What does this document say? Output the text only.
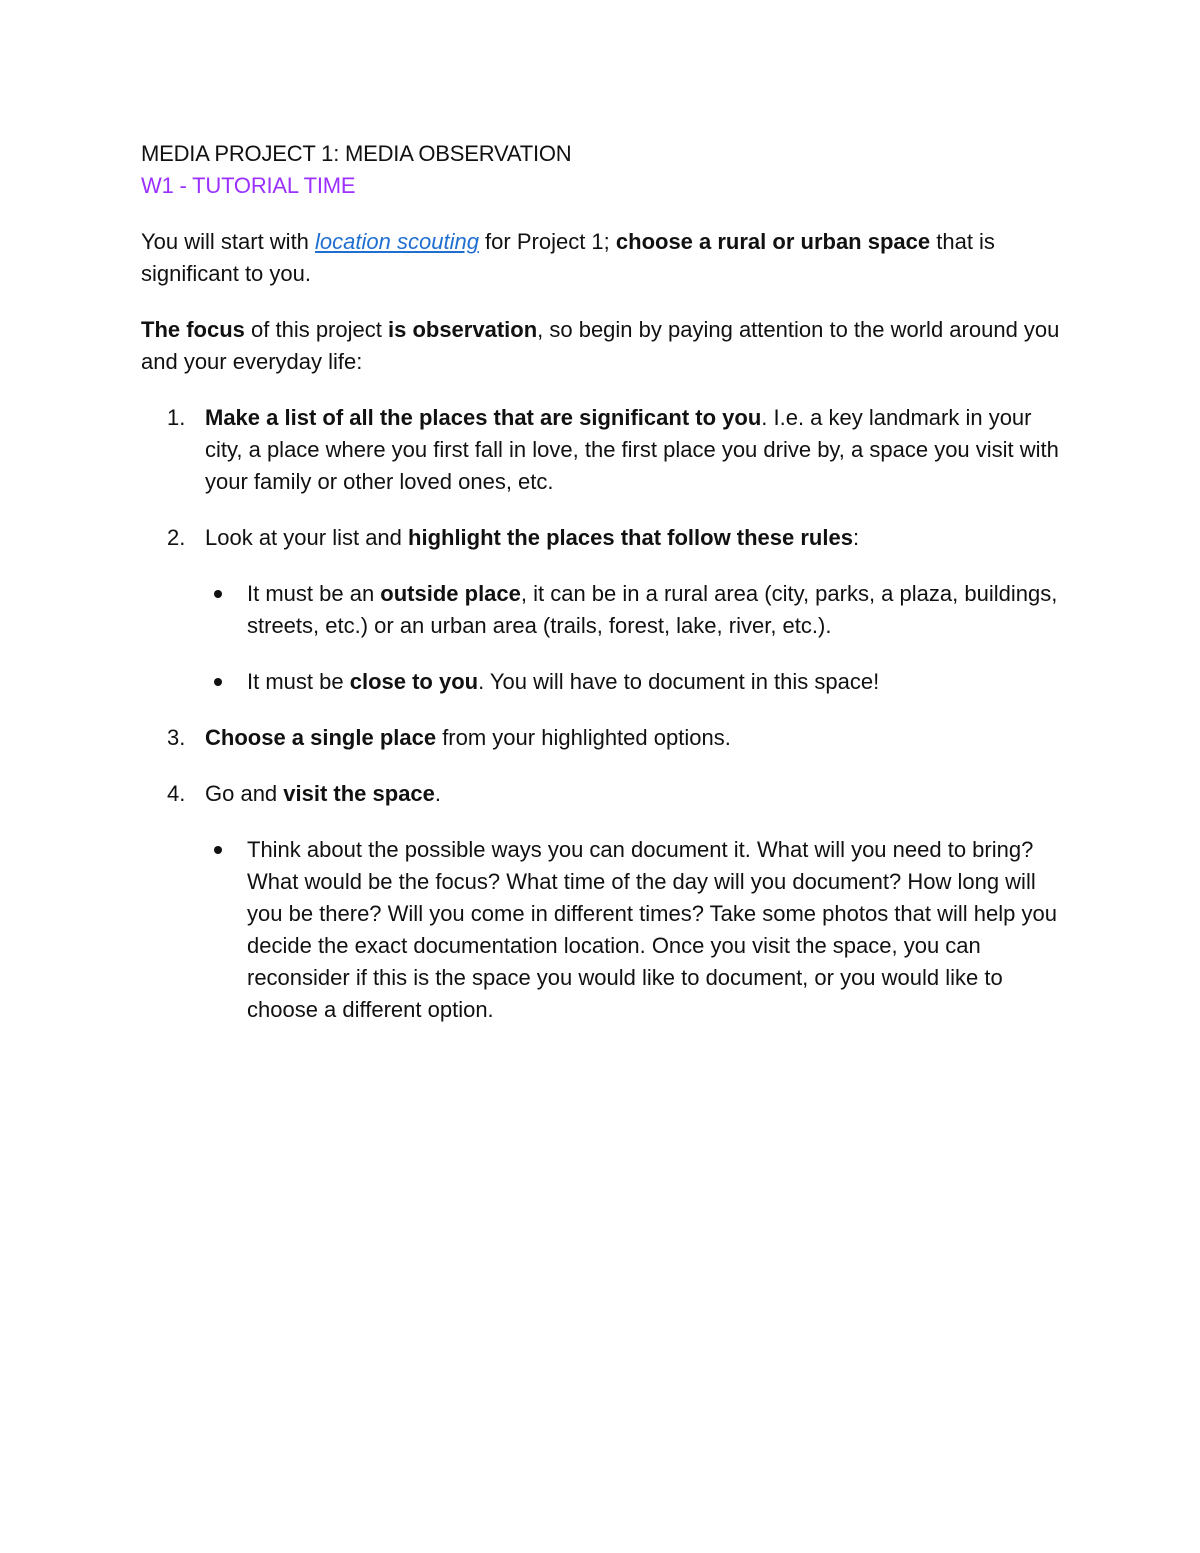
MEDIA PROJECT 1: MEDIA OBSERVATION
W1 - TUTORIAL TIME

You will start with location scouting for Project 1; choose a rural or urban space that is significant to you.

The focus of this project is observation, so begin by paying attention to the world around you and your everyday life:

1. Make a list of all the places that are significant to you. I.e. a key landmark in your city, a place where you first fall in love, the first place you drive by, a space you visit with your family or other loved ones, etc.
2. Look at your list and highlight the places that follow these rules:
It must be an outside place, it can be in a rural area (city, parks, a plaza, buildings, streets, etc.) or an urban area (trails, forest, lake, river, etc.).
It must be close to you. You will have to document in this space!
3. Choose a single place from your highlighted options.
4. Go and visit the space.
Think about the possible ways you can document it. What will you need to bring? What would be the focus? What time of the day will you document? How long will you be there? Will you come in different times? Take some photos that will help you decide the exact documentation location. Once you visit the space, you can reconsider if this is the space you would like to document, or you would like to choose a different option.
